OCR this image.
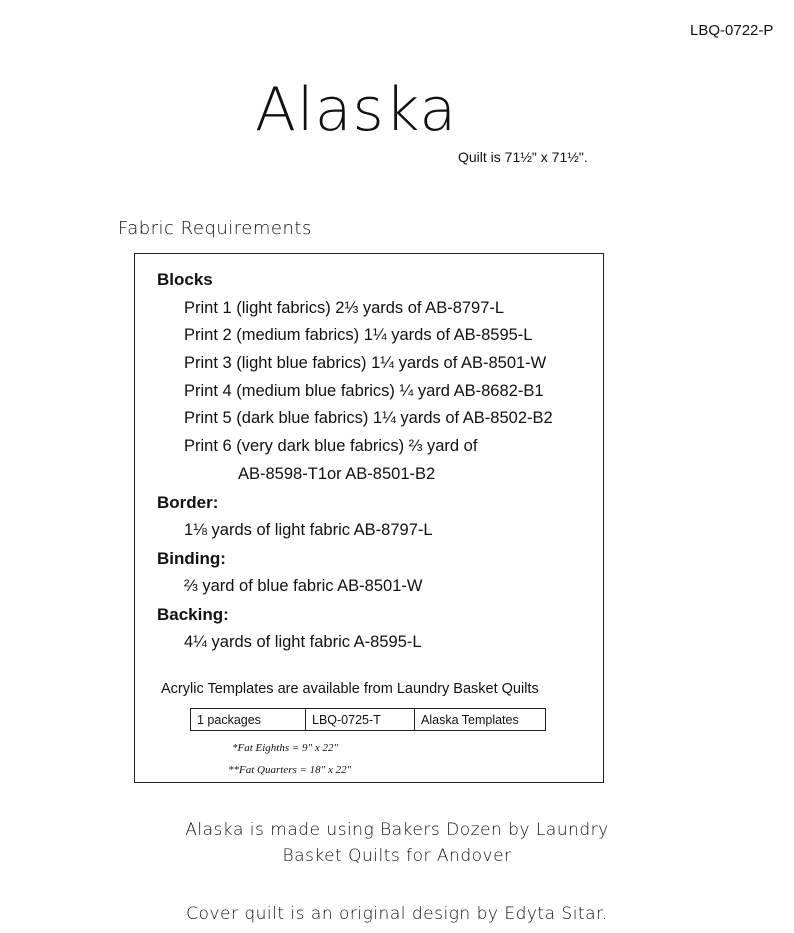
LBQ-0722-P
Alaska
Quilt is 71½" x 71½".
Fabric Requirements
Blocks
Print 1 (light fabrics) 2⅓ yards of AB-8797-L
Print 2 (medium fabrics) 1¼ yards of AB-8595-L
Print 3 (light blue fabrics) 1¼ yards of AB-8501-W
Print 4 (medium blue fabrics) ¼ yard AB-8682-B1
Print 5 (dark blue fabrics) 1¼ yards of AB-8502-B2
Print 6 (very dark blue fabrics) ⅔ yard of
AB-8598-T1or AB-8501-B2
Border:
1⅛ yards of light fabric AB-8797-L
Binding:
⅔ yard of blue fabric AB-8501-W
Backing:
4¼ yards of light fabric A-8595-L
Acrylic Templates are available from Laundry Basket Quilts
1 packages	LBQ-0725-T	Alaska Templates
*Fat Eighths = 9" x 22"
**Fat Quarters = 18" x 22"
Alaska is made using Bakers Dozen by Laundry
Basket Quilts for Andover
Cover quilt is an original design by Edyta Sitar.
